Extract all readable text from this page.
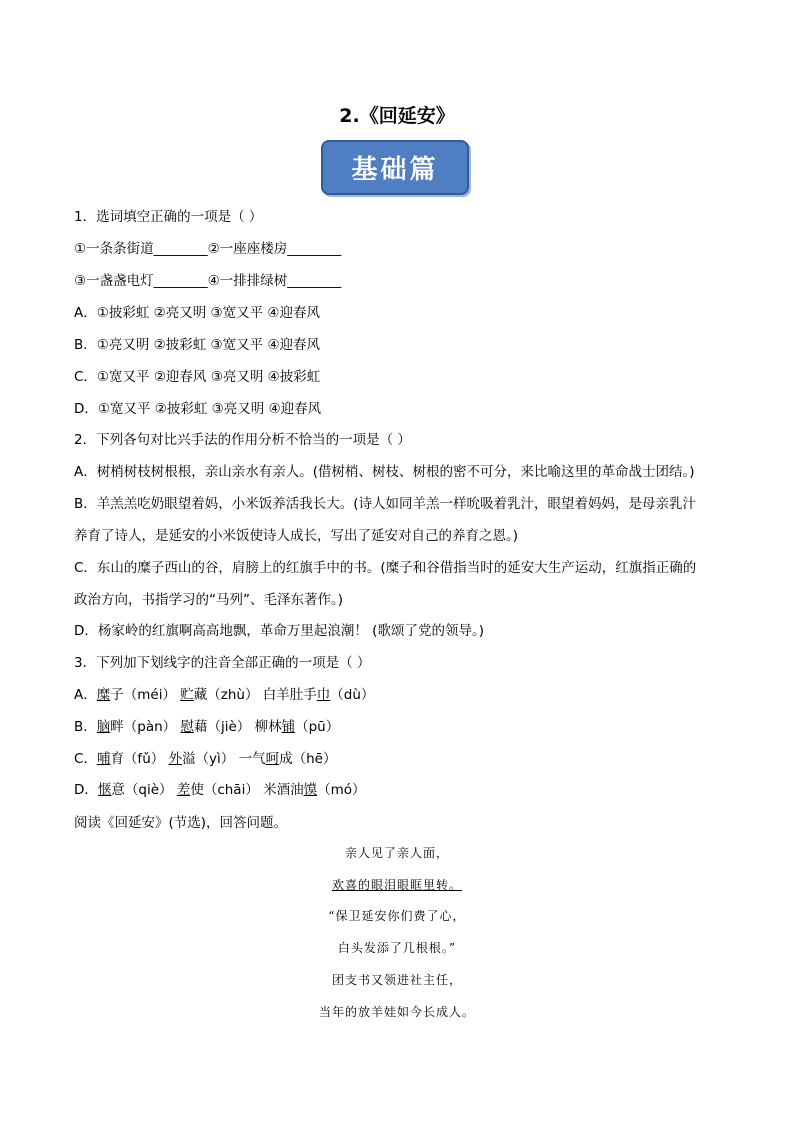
2.《回延安》
基础篇
1．选词填空正确的一项是（ ）
①一条条街道________②一座座楼房________
③一盏盏电灯________④一排排绿树________
A．①披彩虹 ②亮又明 ③宽又平 ④迎春风
B．①亮又明 ②披彩虹 ③宽又平 ④迎春风
C．①宽又平 ②迎春风 ③亮又明 ④披彩虹
D．①宽又平 ②披彩虹 ③亮又明 ④迎春风
2．下列各句对比兴手法的作用分析不恰当的一项是（ ）
A．树梢树枝树根根，亲山亲水有亲人。(借树梢、树枝、树根的密不可分，来比喻这里的革命战士团结。)
B．羊羔羔吃奶眼望着妈，小米饭养活我长大。(诗人如同羊羔一样吮吸着乳汁，眼望着妈妈，是母亲乳汁
养育了诗人，是延安的小米饭使诗人成长，写出了延安对自己的养育之恩。)
C．东山的糜子西山的谷，肩膀上的红旗手中的书。(糜子和谷借指当时的延安大生产运动，红旗指正确的
政治方向，书指学习的“马列”、毛泽东著作。)
D．杨家岭的红旗啊高高地飘，革命万里起浪潮！ (歌颂了党的领导。)
3．下列加下划线字的注音全部正确的一项是（ ）
A．糜子（méi） 贮藏（zhù） 白羊肚手巾（dù）
B．脑畔（pàn） 慰藉（jiè） 柳林铺（pū）
C．哺育（fǔ） 外溢（yì） 一气呵成（hē）
D．惬意（qiè） 差使（chāi） 米酒油馍（mó）
阅读《回延安》(节选)，回答问题。
亲人见了亲人面，
欢喜的眼泪眼眶里转。
“保卫延安你们费了心，
白头发添了几根根。”
团支书又领进社主任，
当年的放羊娃如今长成人。
